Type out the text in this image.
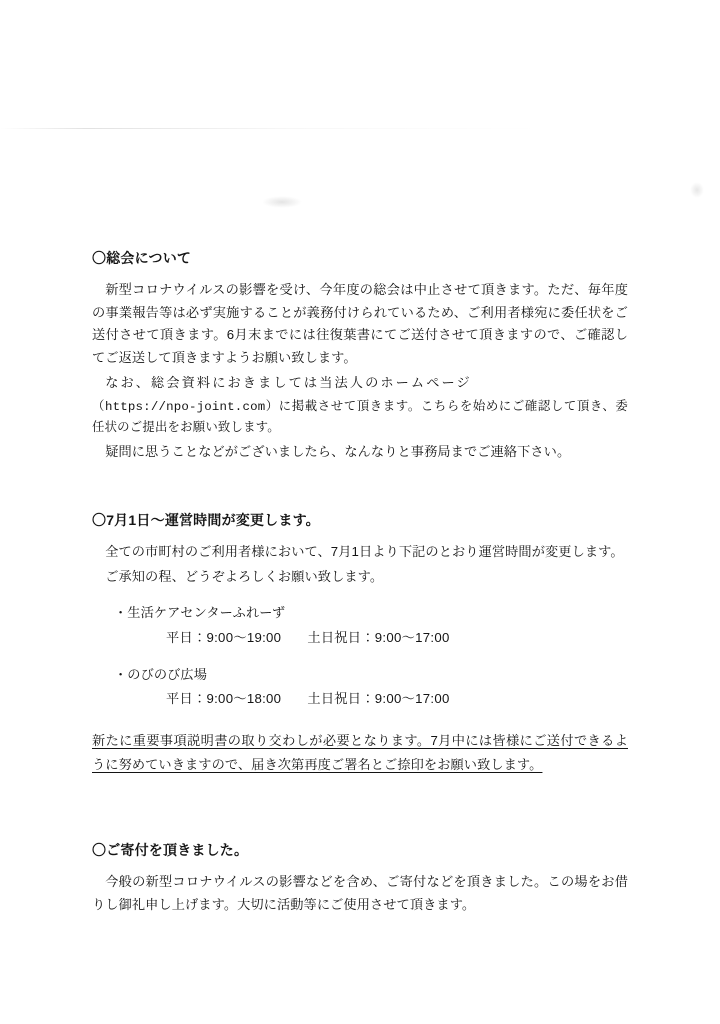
〇総会について

新型コロナウイルスの影響を受け、今年度の総会は中止させて頂きます。ただ、毎年度の事業報告等は必ず実施することが義務付けられているため、ご利用者様宛に委任状をご送付させて頂きます。6月末までには往復葉書にてご送付させて頂きますので、ご確認してご返送して頂きますようお願い致します。

なお、総会資料におきましては当法人のホームページ

（https://npo-joint.com）に掲載させて頂きます。こちらを始めにご確認して頂き、委任状のご提出をお願い致します。

疑問に思うことなどがございましたら、なんなりと事務局までご連絡下さい。

〇7月1日～運営時間が変更します。

全ての市町村のご利用者様において、7月1日より下記のとおり運営時間が変更します。

ご承知の程、どうぞよろしくお願い致します。

・生活ケアセンターふれーず

平日：9:00～19:00 土日祝日：9:00～17:00

・のびのび広場

平日：9:00～18:00 土日祝日：9:00～17:00

新たに重要事項説明書の取り交わしが必要となります。7月中には皆様にご送付できるように努めていきますので、届き次第再度ご署名とご捺印をお願い致します。

〇ご寄付を頂きました。

今般の新型コロナウイルスの影響などを含め、ご寄付などを頂きました。この場をお借りし御礼申し上げます。大切に活動等にご使用させて頂きます。
